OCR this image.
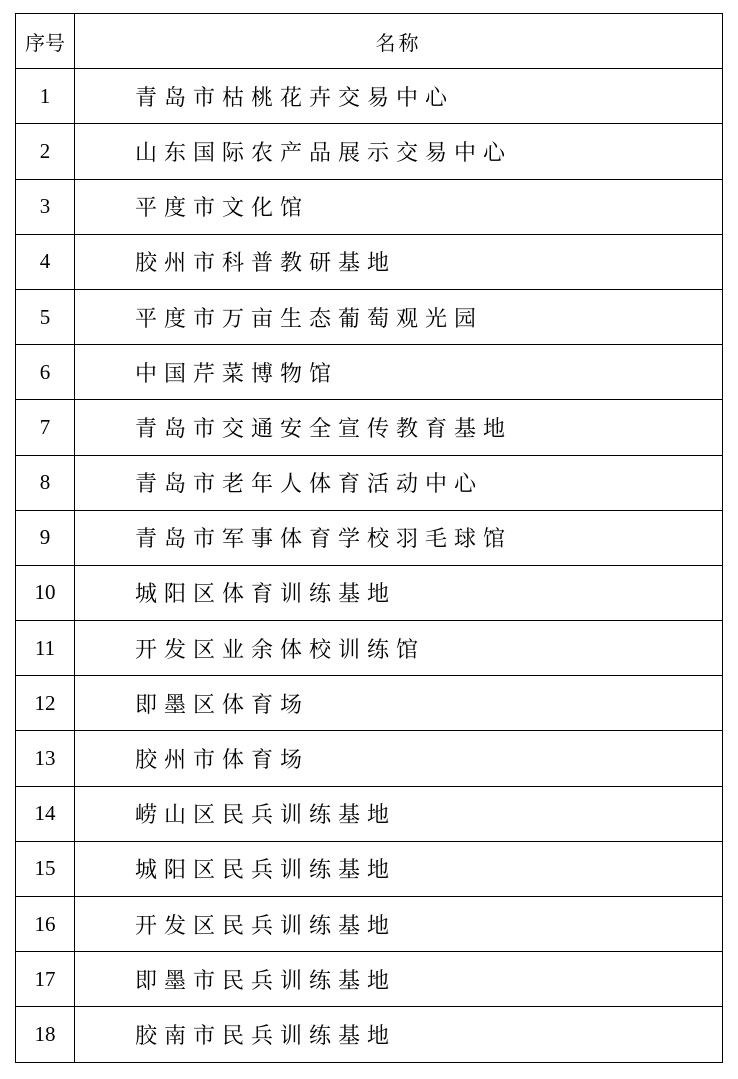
序号	名称
1	青岛市枯桃花卉交易中心
2	山东国际农产品展示交易中心
3	平度市文化馆
4	胶州市科普教研基地
5	平度市万亩生态葡萄观光园
6	中国芹菜博物馆
7	青岛市交通安全宣传教育基地
8	青岛市老年人体育活动中心
9	青岛市军事体育学校羽毛球馆
10	城阳区体育训练基地
11	开发区业余体校训练馆
12	即墨区体育场
13	胶州市体育场
14	崂山区民兵训练基地
15	城阳区民兵训练基地
16	开发区民兵训练基地
17	即墨市民兵训练基地
18	胶南市民兵训练基地
